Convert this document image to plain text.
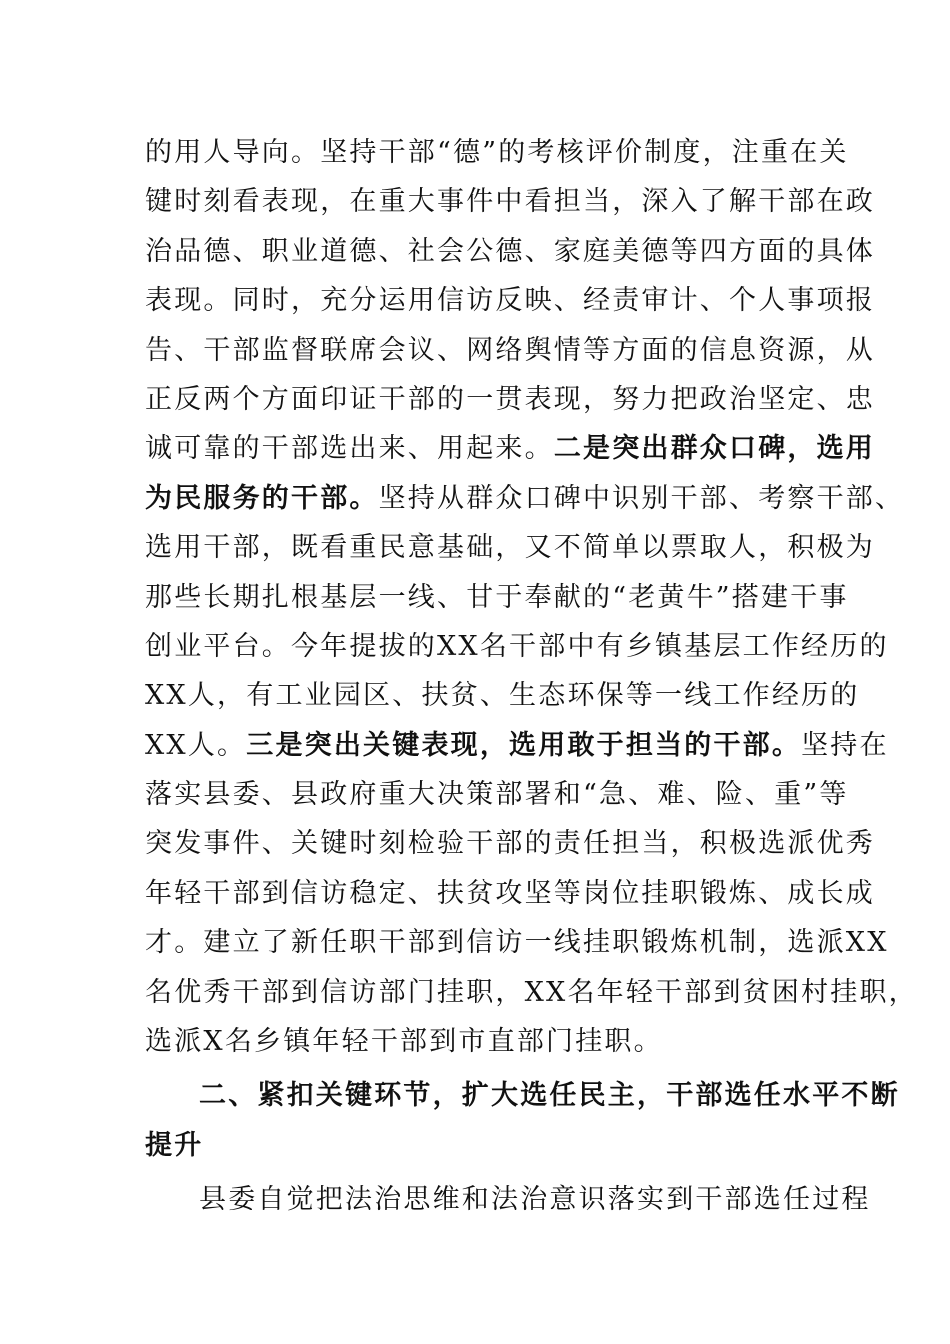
的用人导向。坚持干部“德”的考核评价制度，注重在关
键时刻看表现，在重大事件中看担当，深入了解干部在政
治品德、职业道德、社会公德、家庭美德等四方面的具体
表现。同时，充分运用信访反映、经责审计、个人事项报
告、干部监督联席会议、网络舆情等方面的信息资源，从
正反两个方面印证干部的一贯表现，努力把政治坚定、忠
诚可靠的干部选出来、用起来。二是突出群众口碑，选用
为民服务的干部。坚持从群众口碑中识别干部、考察干部、
选用干部，既看重民意基础，又不简单以票取人，积极为
那些长期扎根基层一线、甘于奉献的“老黄牛”搭建干事
创业平台。今年提拔的XX名干部中有乡镇基层工作经历的
XX人，有工业园区、扶贫、生态环保等一线工作经历的
XX人。三是突出关键表现，选用敢于担当的干部。坚持在
落实县委、县政府重大决策部署和“急、难、险、重”等
突发事件、关键时刻检验干部的责任担当，积极选派优秀
年轻干部到信访稳定、扶贫攻坚等岗位挂职锻炼、成长成
才。建立了新任职干部到信访一线挂职锻炼机制，选派XX
名优秀干部到信访部门挂职，XX名年轻干部到贫困村挂职，
选派X名乡镇年轻干部到市直部门挂职。
二、紧扣关键环节，扩大选任民主，干部选任水平不断
提升
县委自觉把法治思维和法治意识落实到干部选任过程
